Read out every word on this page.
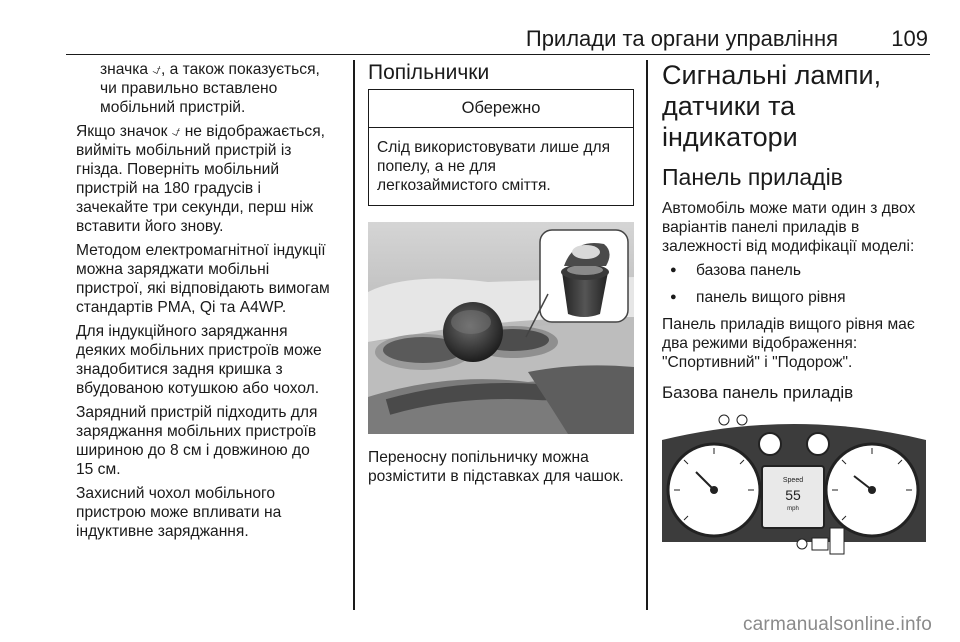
Прилади та органи управління 109

значка ⍻, а також показується,
чи правильно вставлено
мобільний пристрій.

Якщо значок ⍻ не відображається,
вийміть мобільний пристрій із
гнізда. Поверніть мобільний
пристрій на 180 градусів і
зачекайте три секунди, перш ніж
вставити його знову.

Методом електромагнітної індукції
можна заряджати мобільні
пристрої, які відповідають вимогам
стандартів PMA, Qi та A4WP.

Для індукційного заряджання
деяких мобільних пристроїв може
знадобитися задня кришка з
вбудованою котушкою або чохол.

Зарядний пристрій підходить для
заряджання мобільних пристроїв
шириною до 8 см і довжиною до
15 см.

Захисний чохол мобільного
пристрою може впливати на
індуктивне заряджання.

Попільнички
Обережно

Слід використовувати лише для
попелу, а не для
легкозаймистого сміття.

Переносну попільничку можна
розмістити в підставках для чашок.

Сигнальні лампи,
датчики та індикатори
Панель приладів

Автомобіль може мати один з двох
варіантів панелі приладів в
залежності від модифікації моделі:

● базова панель
● панель вищого рівня

Панель приладів вищого рівня має
два режими відображення:
"Спортивний" і "Подорож".

Базова панель приладів
Speed
55
mph
carmanualsonline.info
